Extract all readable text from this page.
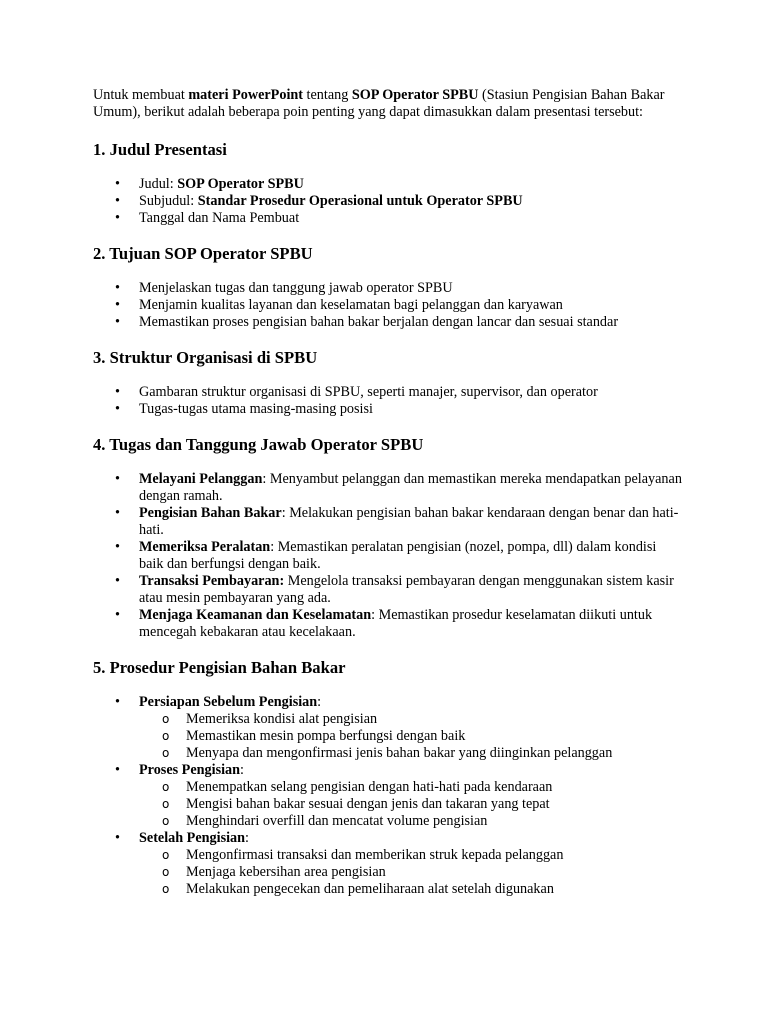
Untuk membuat materi PowerPoint tentang SOP Operator SPBU (Stasiun Pengisian Bahan Bakar Umum), berikut adalah beberapa poin penting yang dapat dimasukkan dalam presentasi tersebut:

1. Judul Presentasi
• Judul: SOP Operator SPBU
• Subjudul: Standar Prosedur Operasional untuk Operator SPBU
• Tanggal dan Nama Pembuat
2. Tujuan SOP Operator SPBU
• Menjelaskan tugas dan tanggung jawab operator SPBU
• Menjamin kualitas layanan dan keselamatan bagi pelanggan dan karyawan
• Memastikan proses pengisian bahan bakar berjalan dengan lancar dan sesuai standar
3. Struktur Organisasi di SPBU
• Gambaran struktur organisasi di SPBU, seperti manajer, supervisor, dan operator
• Tugas-tugas utama masing-masing posisi
4. Tugas dan Tanggung Jawab Operator SPBU
• Melayani Pelanggan: Menyambut pelanggan dan memastikan mereka mendapatkan pelayanan dengan ramah.
• Pengisian Bahan Bakar: Melakukan pengisian bahan bakar kendaraan dengan benar dan hati-hati.
• Memeriksa Peralatan: Memastikan peralatan pengisian (nozel, pompa, dll) dalam kondisi baik dan berfungsi dengan baik.
• Transaksi Pembayaran: Mengelola transaksi pembayaran dengan menggunakan sistem kasir atau mesin pembayaran yang ada.
• Menjaga Keamanan dan Keselamatan: Memastikan prosedur keselamatan diikuti untuk mencegah kebakaran atau kecelakaan.
5. Prosedur Pengisian Bahan Bakar
• Persiapan Sebelum Pengisian:
o Memeriksa kondisi alat pengisian
o Memastikan mesin pompa berfungsi dengan baik
o Menyapa dan mengonfirmasi jenis bahan bakar yang diinginkan pelanggan
• Proses Pengisian:
o Menempatkan selang pengisian dengan hati-hati pada kendaraan
o Mengisi bahan bakar sesuai dengan jenis dan takaran yang tepat
o Menghindari overfill dan mencatat volume pengisian
• Setelah Pengisian:
o Mengonfirmasi transaksi dan memberikan struk kepada pelanggan
o Menjaga kebersihan area pengisian
o Melakukan pengecekan dan pemeliharaan alat setelah digunakan
